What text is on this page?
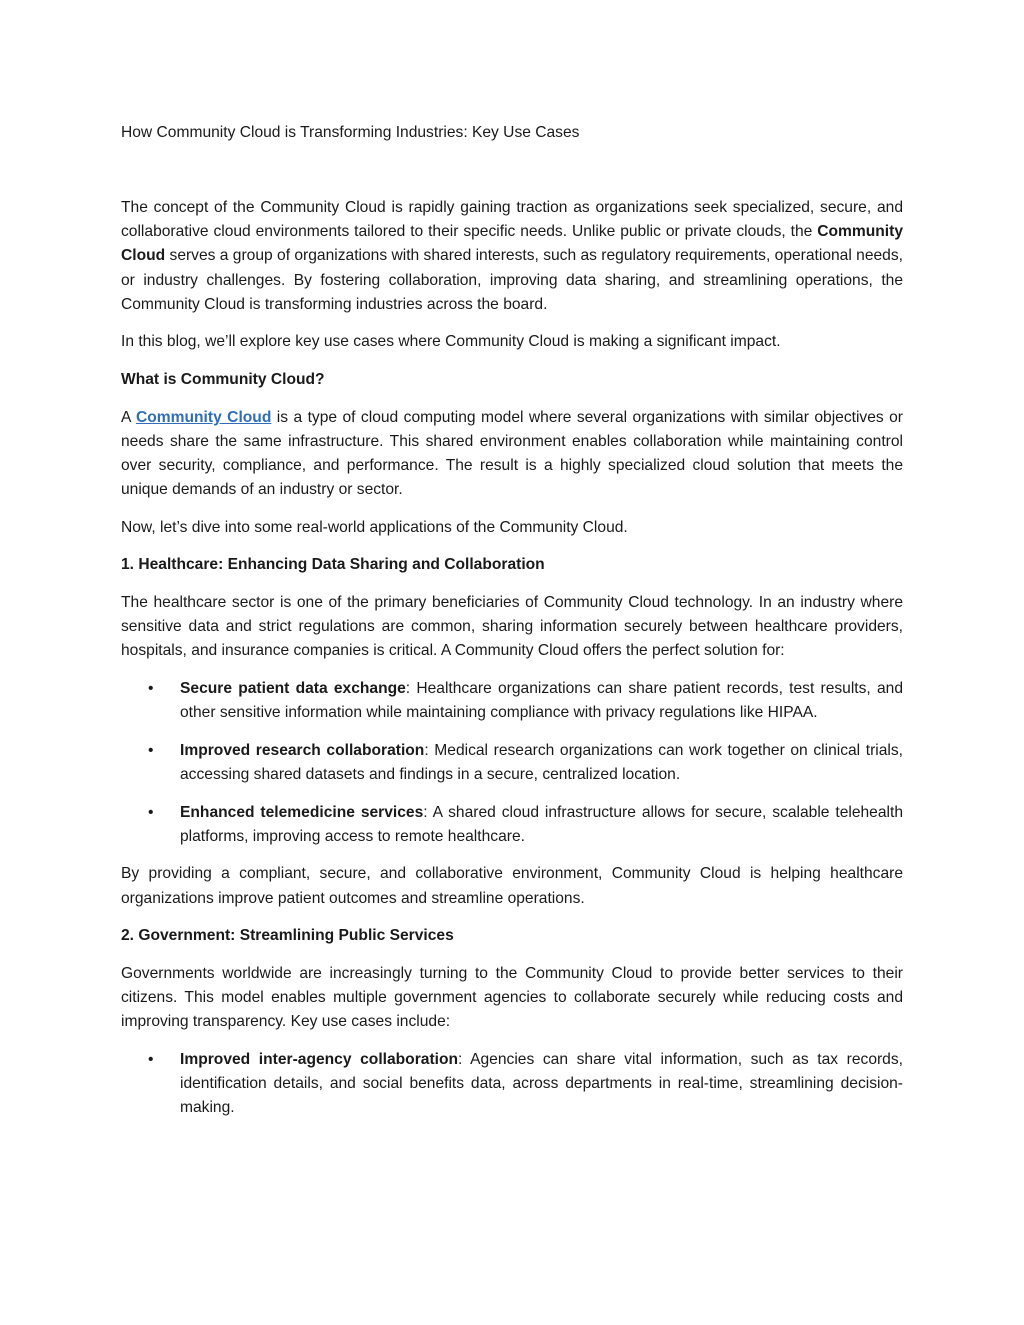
How Community Cloud is Transforming Industries: Key Use Cases

The concept of the Community Cloud is rapidly gaining traction as organizations seek specialized, secure, and collaborative cloud environments tailored to their specific needs. Unlike public or private clouds, the Community Cloud serves a group of organizations with shared interests, such as regulatory requirements, operational needs, or industry challenges. By fostering collaboration, improving data sharing, and streamlining operations, the Community Cloud is transforming industries across the board.

In this blog, we’ll explore key use cases where Community Cloud is making a significant impact.

What is Community Cloud?

A Community Cloud is a type of cloud computing model where several organizations with similar objectives or needs share the same infrastructure. This shared environment enables collaboration while maintaining control over security, compliance, and performance. The result is a highly specialized cloud solution that meets the unique demands of an industry or sector.

Now, let’s dive into some real-world applications of the Community Cloud.

1. Healthcare: Enhancing Data Sharing and Collaboration

The healthcare sector is one of the primary beneficiaries of Community Cloud technology. In an industry where sensitive data and strict regulations are common, sharing information securely between healthcare providers, hospitals, and insurance companies is critical. A Community Cloud offers the perfect solution for:

• Secure patient data exchange: Healthcare organizations can share patient records, test results, and other sensitive information while maintaining compliance with privacy regulations like HIPAA.
• Improved research collaboration: Medical research organizations can work together on clinical trials, accessing shared datasets and findings in a secure, centralized location.
• Enhanced telemedicine services: A shared cloud infrastructure allows for secure, scalable telehealth platforms, improving access to remote healthcare.

By providing a compliant, secure, and collaborative environment, Community Cloud is helping healthcare organizations improve patient outcomes and streamline operations.

2. Government: Streamlining Public Services

Governments worldwide are increasingly turning to the Community Cloud to provide better services to their citizens. This model enables multiple government agencies to collaborate securely while reducing costs and improving transparency. Key use cases include:

• Improved inter-agency collaboration: Agencies can share vital information, such as tax records, identification details, and social benefits data, across departments in real-time, streamlining decision-making.
